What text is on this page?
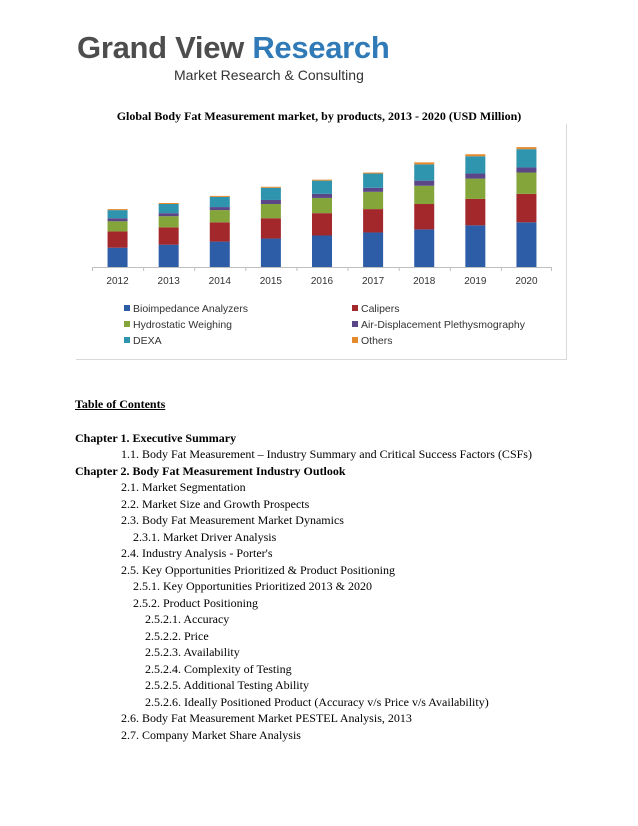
Grand View Research
Market Research & Consulting
Global Body Fat Measurement market, by products, 2013 - 2020 (USD Million)
2012	2013	2014	2015	2016	2017	2018	2019	2020
Bioimpedance Analyzers	Calipers
Hydrostatic Weighing	Air-Displacement Plethysmography
DEXA	Others
Table of Contents
Chapter 1. Executive Summary
1.1. Body Fat Measurement – Industry Summary and Critical Success Factors (CSFs)
Chapter 2. Body Fat Measurement Industry Outlook
2.1. Market Segmentation
2.2. Market Size and Growth Prospects
2.3. Body Fat Measurement Market Dynamics
2.3.1. Market Driver Analysis
2.4. Industry Analysis - Porter's
2.5. Key Opportunities Prioritized & Product Positioning
2.5.1. Key Opportunities Prioritized 2013 & 2020
2.5.2. Product Positioning
2.5.2.1. Accuracy
2.5.2.2. Price
2.5.2.3. Availability
2.5.2.4. Complexity of Testing
2.5.2.5. Additional Testing Ability
2.5.2.6. Ideally Positioned Product (Accuracy v/s Price v/s Availability)
2.6. Body Fat Measurement Market PESTEL Analysis, 2013
2.7. Company Market Share Analysis
